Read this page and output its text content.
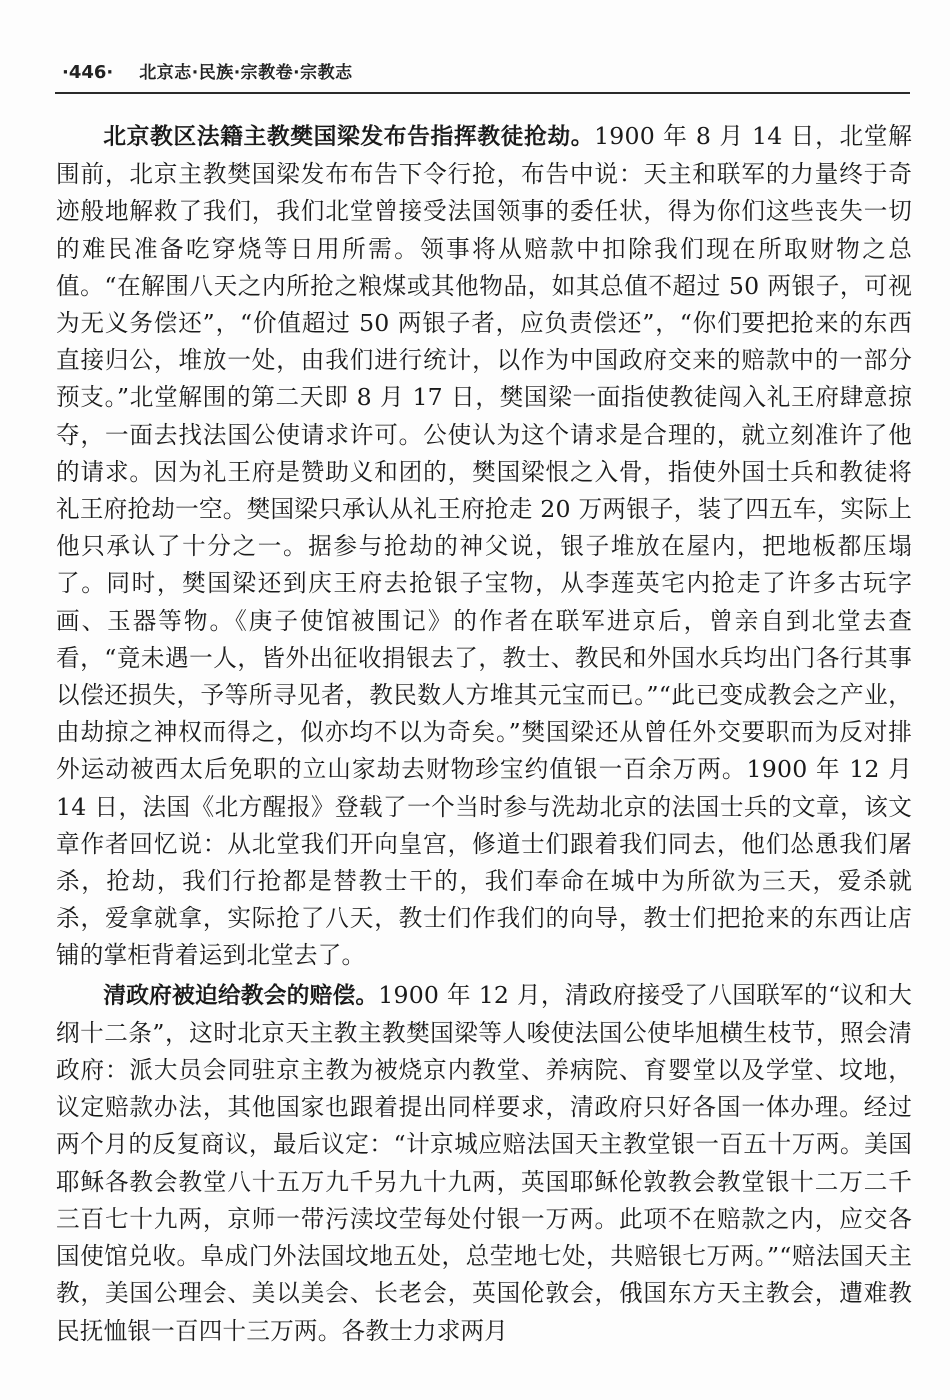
·446· 北京志·民族·宗教卷·宗教志

北京教区法籍主教樊国梁发布告指挥教徒抢劫。1900 年 8 月 14 日，北堂解围前，北京主教樊国梁发布布告下令行抢，布告中说：天主和联军的力量终于奇迹般地解救了我们，我们北堂曾接受法国领事的委任状，得为你们这些丧失一切的难民准备吃穿烧等日用所需。领事将从赔款中扣除我们现在所取财物之总值。“在解围八天之内所抢之粮煤或其他物品，如其总值不超过 50 两银子，可视为无义务偿还”，“价值超过 50 两银子者，应负责偿还”，“你们要把抢来的东西直接归公，堆放一处，由我们进行统计，以作为中国政府交来的赔款中的一部分预支。”北堂解围的第二天即 8 月 17 日，樊国梁一面指使教徒闯入礼王府肆意掠夺，一面去找法国公使请求许可。公使认为这个请求是合理的，就立刻准许了他的请求。因为礼王府是赞助义和团的，樊国梁恨之入骨，指使外国士兵和教徒将礼王府抢劫一空。樊国梁只承认从礼王府抢走 20 万两银子，装了四五车，实际上他只承认了十分之一。据参与抢劫的神父说，银子堆放在屋内，把地板都压塌了。同时，樊国梁还到庆王府去抢银子宝物，从李莲英宅内抢走了许多古玩字画、玉器等物。《庚子使馆被围记》的作者在联军进京后，曾亲自到北堂去查看，“竟未遇一人，皆外出征收捐银去了，教士、教民和外国水兵均出门各行其事以偿还损失，予等所寻见者，教民数人方堆其元宝而已。”“此已变成教会之产业，由劫掠之神权而得之，似亦均不以为奇矣。”樊国梁还从曾任外交要职而为反对排外运动被西太后免职的立山家劫去财物珍宝约值银一百余万两。1900 年 12 月 14 日，法国《北方醒报》登载了一个当时参与洗劫北京的法国士兵的文章，该文章作者回忆说：从北堂我们开向皇宫，修道士们跟着我们同去，他们怂恿我们屠杀，抢劫，我们行抢都是替教士干的，我们奉命在城中为所欲为三天，爱杀就杀，爱拿就拿，实际抢了八天，教士们作我们的向导，教士们把抢来的东西让店铺的掌柜背着运到北堂去了。

清政府被迫给教会的赔偿。1900 年 12 月，清政府接受了八国联军的“议和大纲十二条”，这时北京天主教主教樊国梁等人唆使法国公使毕旭横生枝节，照会清政府：派大员会同驻京主教为被烧京内教堂、养病院、育婴堂以及学堂、坟地，议定赔款办法，其他国家也跟着提出同样要求，清政府只好各国一体办理。经过两个月的反复商议，最后议定：“计京城应赔法国天主教堂银一百五十万两。美国耶稣各教会教堂八十五万九千另九十九两，英国耶稣伦敦教会教堂银十二万二千三百七十九两，京师一带污渎坟茔每处付银一万两。此项不在赔款之内，应交各国使馆兑收。阜成门外法国坟地五处，总茔地七处，共赔银七万两。”“赔法国天主教，美国公理会、美以美会、长老会，英国伦敦会，俄国东方天主教会，遭难教民抚恤银一百四十三万两。各教士力求两月
